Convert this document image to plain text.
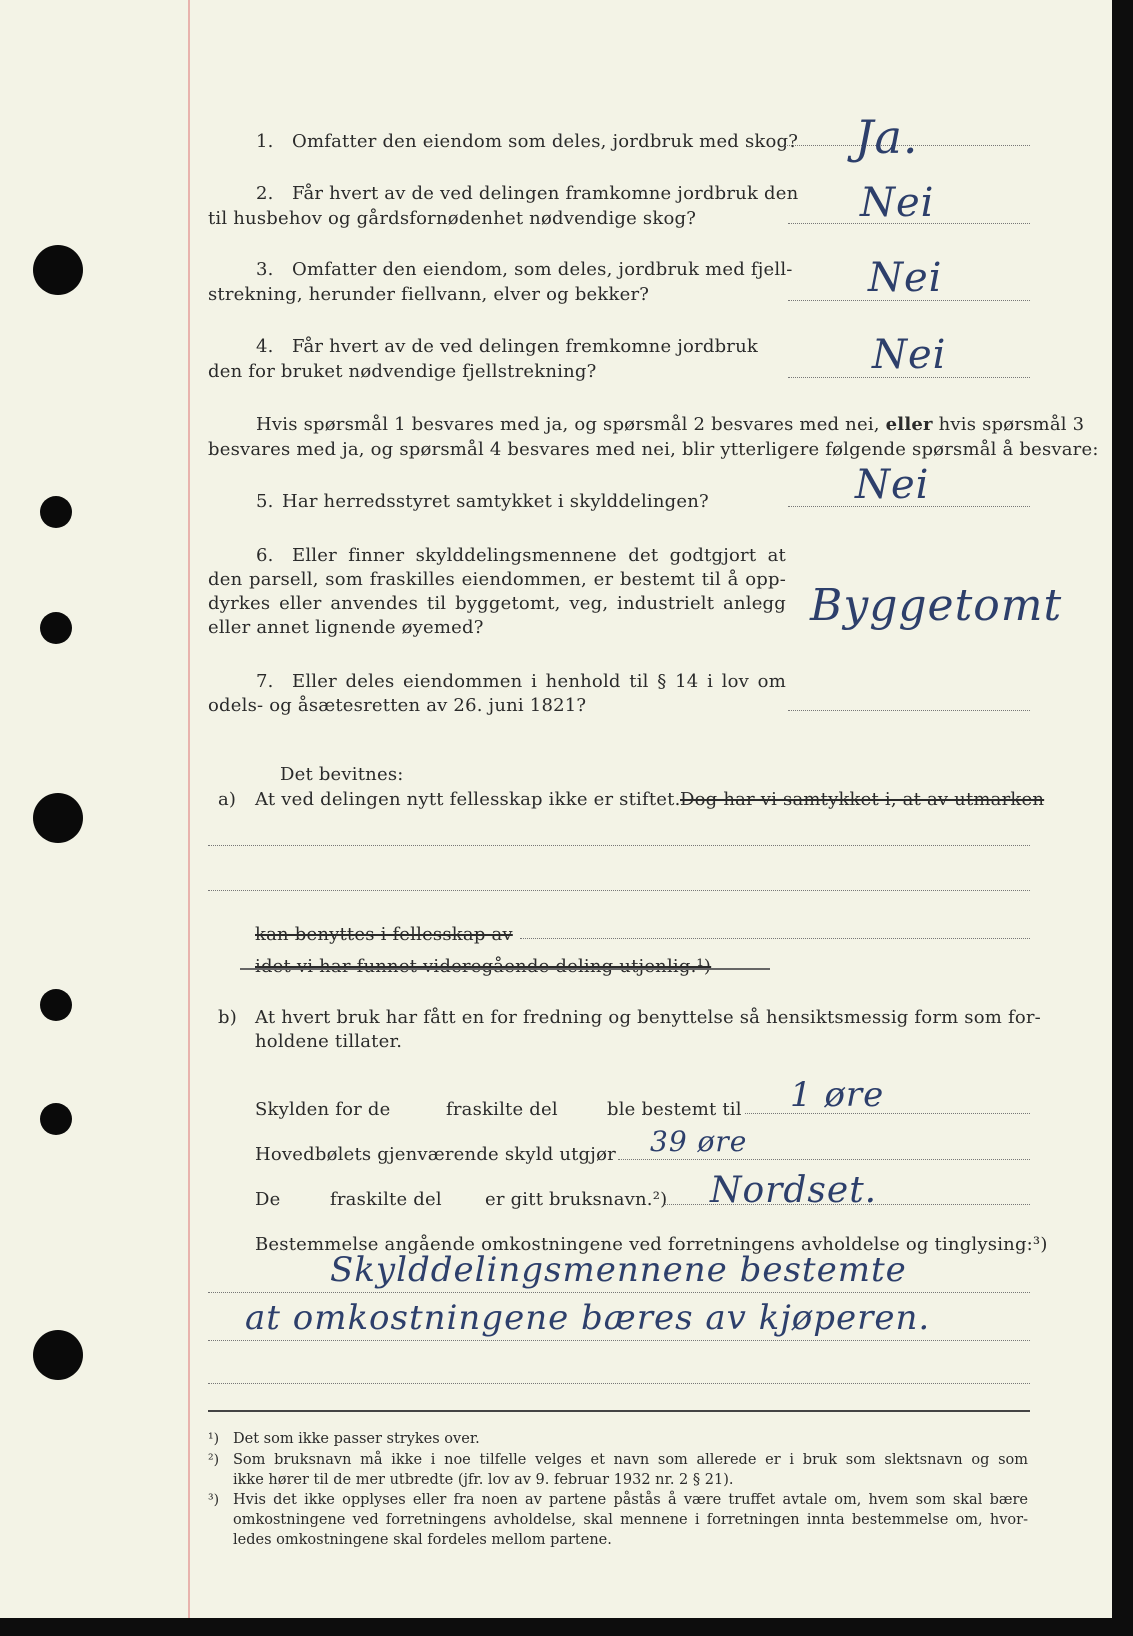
1. Omfatter den eiendom som deles, jordbruk med skog? Ja.
2. Får hvert av de ved delingen framkomne jordbruk den
til husbehov og gårdsfornødenhet nødvendige skog?	Nei
3. Omfatter den eiendom, som deles, jordbruk med fjell-
strekning, herunder fiellvann, elver og bekker?	Nei
4. Får hvert av de ved delingen fremkomne jordbruk
den for bruket nødvendige fjellstrekning?	Nei
Hvis spørsmål 1 besvares med ja, og spørsmål 2 besvares med nei, eller hvis spørsmål 3
besvares med ja, og spørsmål 4 besvares med nei, blir ytterligere følgende spørsmål å besvare:
5. Har herredsstyret samtykket i skylddelingen?	Nei
6. Eller finner skylddelingsmennene det godtgjort at
den parsell, som fraskilles eiendommen, er bestemt til å opp-
dyrkes eller anvendes til byggetomt, veg, industrielt anlegg
eller annet lignende øyemed?	Byggetomt
7. Eller deles eiendommen i henhold til § 14 i lov om
odels- og åsætesretten av 26. juni 1821?
Det bevitnes:
a) At ved delingen nytt fellesskap ikke er stiftet. Dog har vi samtykket i, at av utmarken
kan benyttes i fellesskap av
idet vi har funnet videregående deling utjenlig.¹)
b) At hvert bruk har fått en for fredning og benyttelse så hensiktsmessig form som for-
holdene tillater.
Skylden for de	fraskilte del	ble bestemt til 1 øre
Hovedbølets gjenværende skyld utgjør 39 øre
De	fraskilte del er gitt bruksnavn.²) Nordset.
Bestemmelse angående omkostningene ved forretningens avholdelse og tinglysing:³)
Skylddelingsmennene bestemte
at omkostningene bæres av kjøperen.
¹) Det som ikke passer strykes over.
²) Som bruksnavn må ikke i noe tilfelle velges et navn som allerede er i bruk som slektsnavn og som
ikke hører til de mer utbredte (jfr. lov av 9. februar 1932 nr. 2 § 21).
³) Hvis det ikke opplyses eller fra noen av partene påstås å være truffet avtale om, hvem som skal bære
omkostningene ved forretningens avholdelse, skal mennene i forretningen innta bestemmelse om, hvor-
ledes omkostningene skal fordeles mellom partene.
